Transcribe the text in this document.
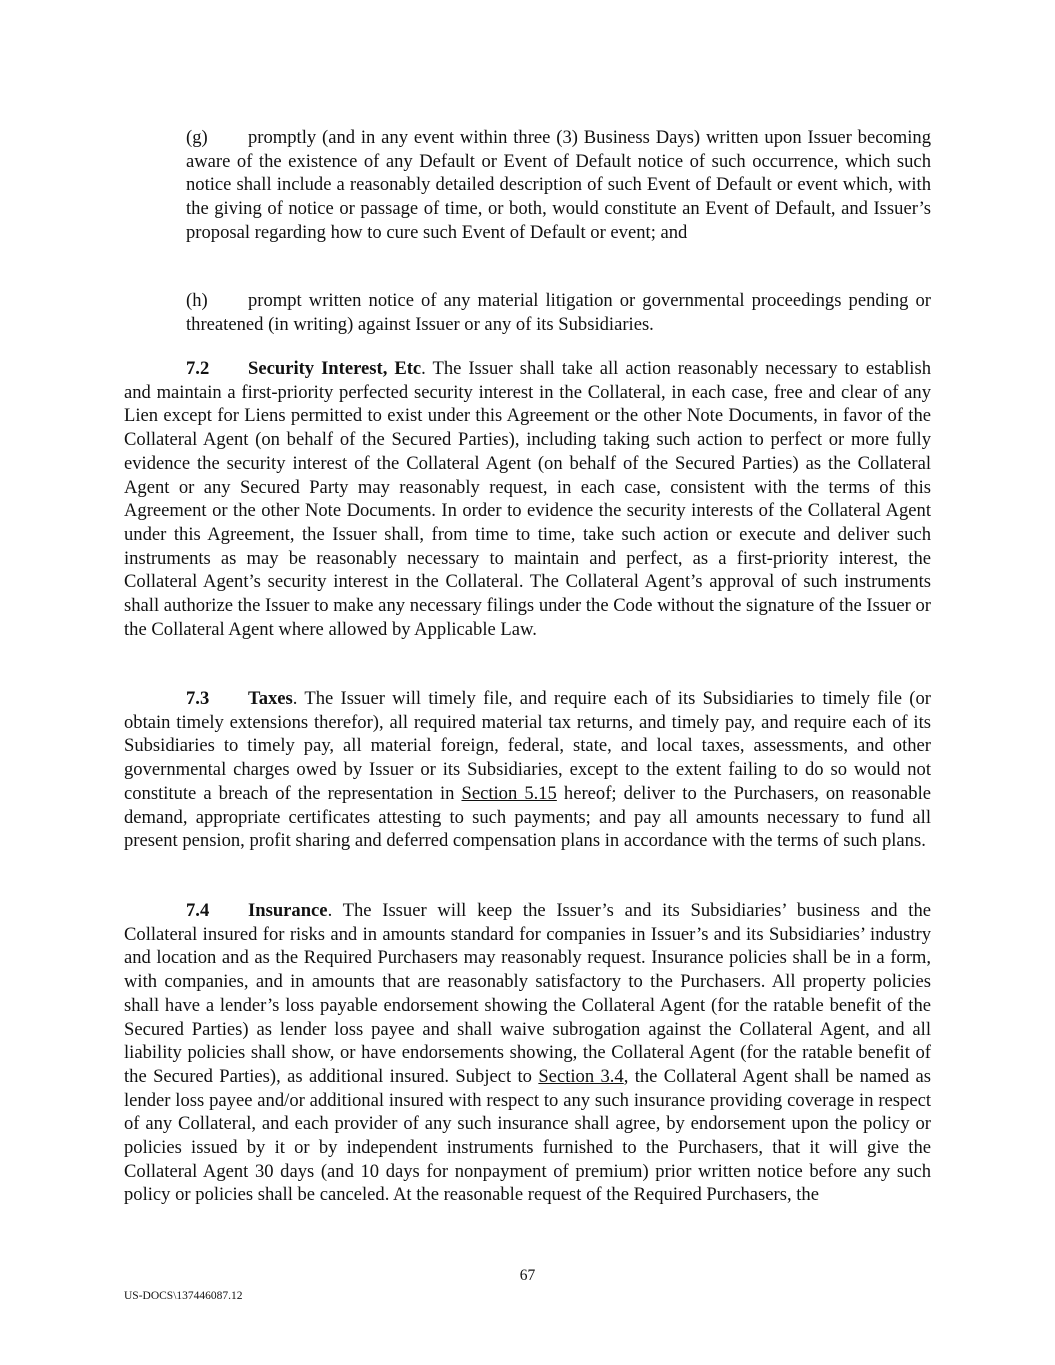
(g) promptly (and in any event within three (3) Business Days) written upon Issuer becoming aware of the existence of any Default or Event of Default notice of such occurrence, which such notice shall include a reasonably detailed description of such Event of Default or event which, with the giving of notice or passage of time, or both, would constitute an Event of Default, and Issuer’s proposal regarding how to cure such Event of Default or event; and

(h) prompt written notice of any material litigation or governmental proceedings pending or threatened (in writing) against Issuer or any of its Subsidiaries.

7.2 Security Interest, Etc. The Issuer shall take all action reasonably necessary to establish and maintain a first-priority perfected security interest in the Collateral, in each case, free and clear of any Lien except for Liens permitted to exist under this Agreement or the other Note Documents, in favor of the Collateral Agent (on behalf of the Secured Parties), including taking such action to perfect or more fully evidence the security interest of the Collateral Agent (on behalf of the Secured Parties) as the Collateral Agent or any Secured Party may reasonably request, in each case, consistent with the terms of this Agreement or the other Note Documents. In order to evidence the security interests of the Collateral Agent under this Agreement, the Issuer shall, from time to time, take such action or execute and deliver such instruments as may be reasonably necessary to maintain and perfect, as a first-priority interest, the Collateral Agent’s security interest in the Collateral. The Collateral Agent’s approval of such instruments shall authorize the Issuer to make any necessary filings under the Code without the signature of the Issuer or the Collateral Agent where allowed by Applicable Law.

7.3 Taxes. The Issuer will timely file, and require each of its Subsidiaries to timely file (or obtain timely extensions therefor), all required material tax returns, and timely pay, and require each of its Subsidiaries to timely pay, all material foreign, federal, state, and local taxes, assessments, and other governmental charges owed by Issuer or its Subsidiaries, except to the extent failing to do so would not constitute a breach of the representation in Section 5.15 hereof; deliver to the Purchasers, on reasonable demand, appropriate certificates attesting to such payments; and pay all amounts necessary to fund all present pension, profit sharing and deferred compensation plans in accordance with the terms of such plans.

7.4 Insurance. The Issuer will keep the Issuer’s and its Subsidiaries’ business and the Collateral insured for risks and in amounts standard for companies in Issuer’s and its Subsidiaries’ industry and location and as the Required Purchasers may reasonably request. Insurance policies shall be in a form, with companies, and in amounts that are reasonably satisfactory to the Purchasers. All property policies shall have a lender’s loss payable endorsement showing the Collateral Agent (for the ratable benefit of the Secured Parties) as lender loss payee and shall waive subrogation against the Collateral Agent, and all liability policies shall show, or have endorsements showing, the Collateral Agent (for the ratable benefit of the Secured Parties), as additional insured. Subject to Section 3.4, the Collateral Agent shall be named as lender loss payee and/or additional insured with respect to any such insurance providing coverage in respect of any Collateral, and each provider of any such insurance shall agree, by endorsement upon the policy or policies issued by it or by independent instruments furnished to the Purchasers, that it will give the Collateral Agent 30 days (and 10 days for nonpayment of premium) prior written notice before any such policy or policies shall be canceled. At the reasonable request of the Required Purchasers, the

67

US-DOCS\137446087.12
